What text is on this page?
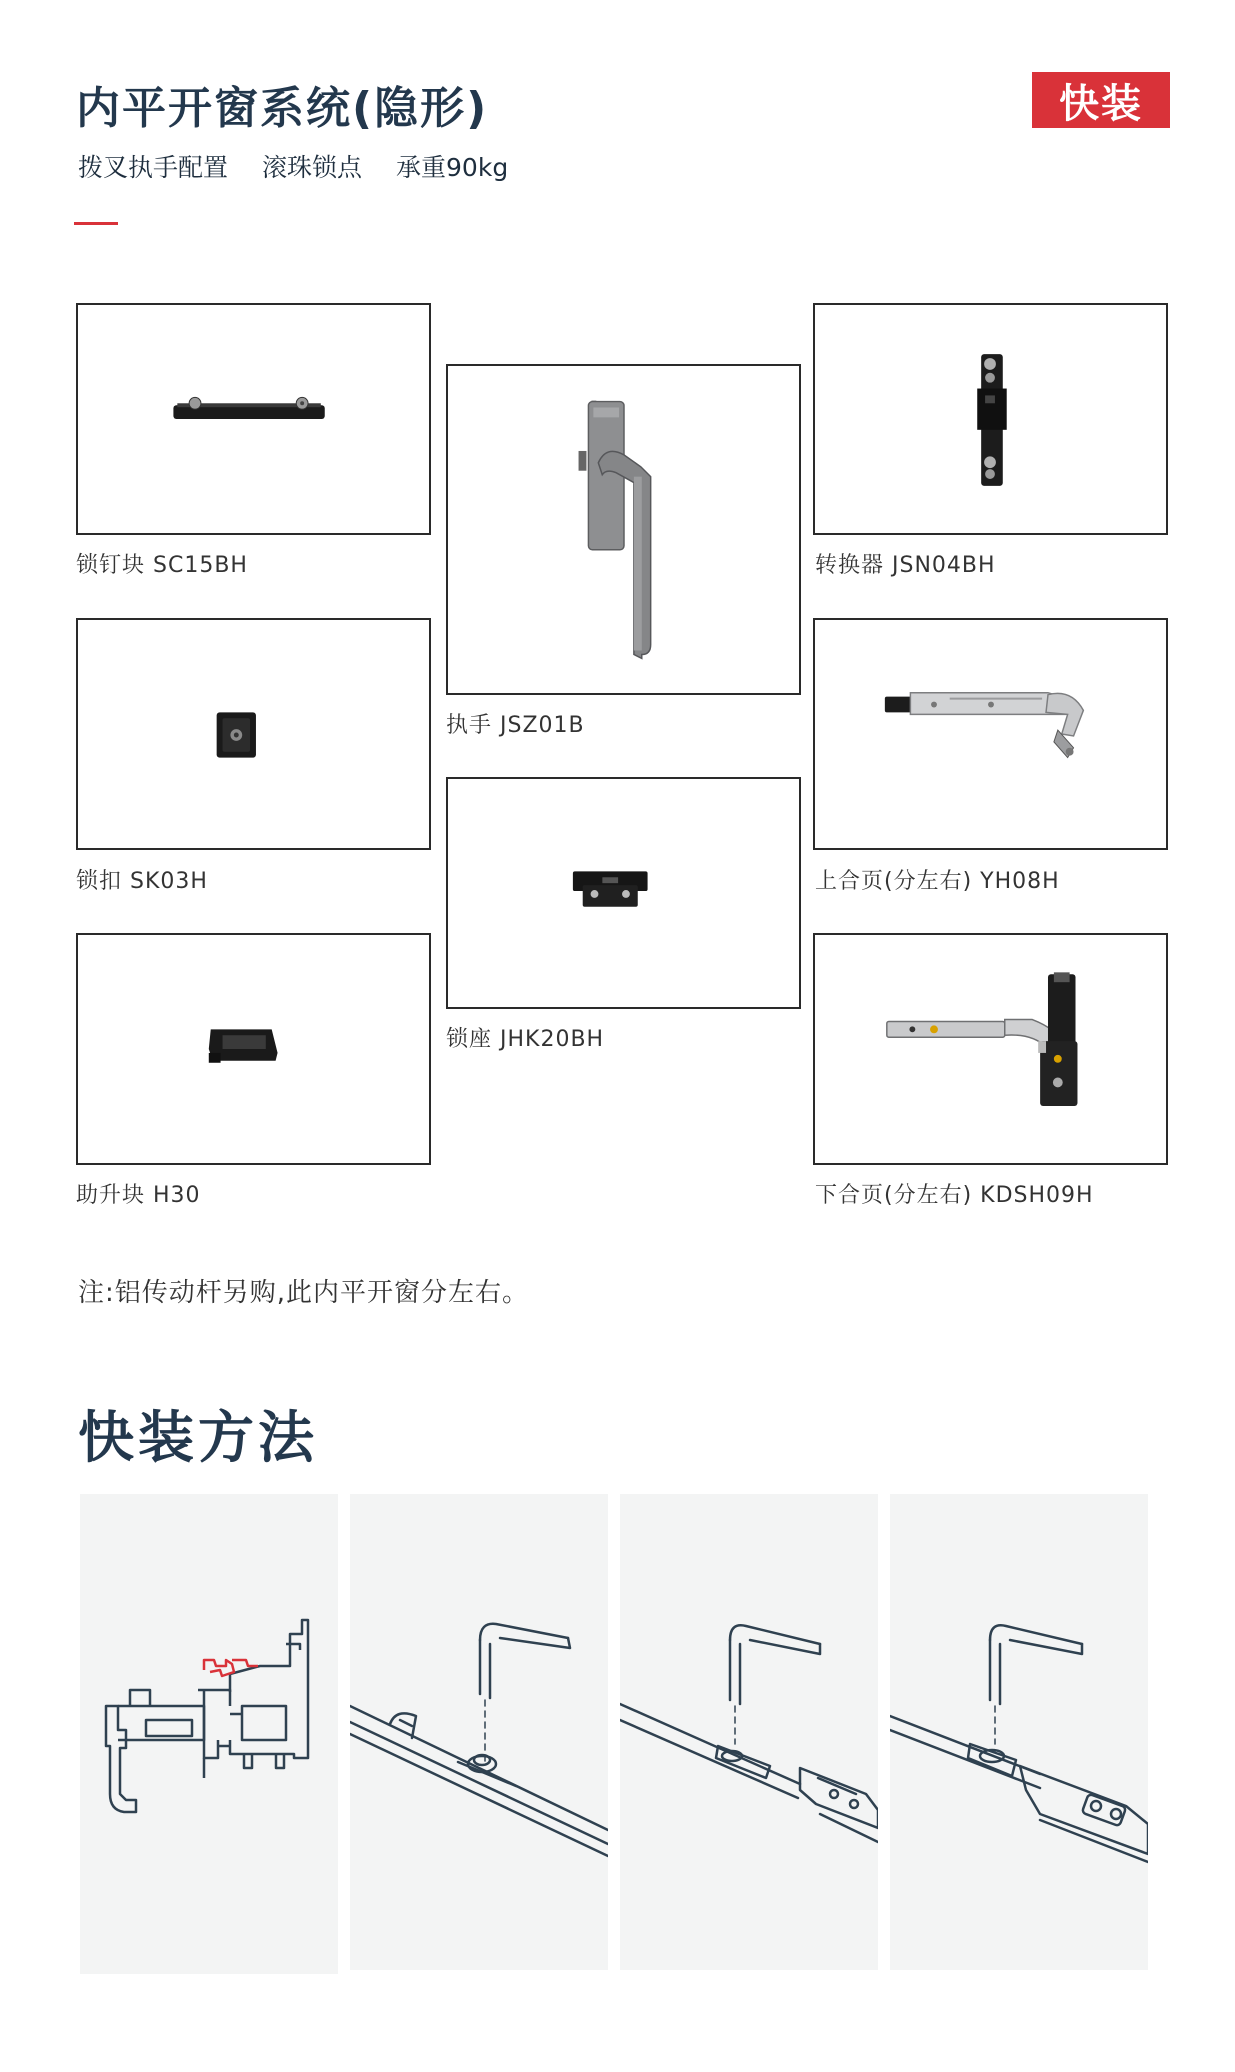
内平开窗系统(隐形)	快装
拨叉执手配置 滚珠锁点 承重90kg
锁钉块 SC15BH
执手 JSZ01B
转换器 JSN04BH
锁扣 SK03H
锁座 JHK20BH
上合页(分左右) YH08H
助升块 H30	下合页(分左右) KDSH09H
注:铝传动杆另购,此内平开窗分左右。
快装方法
